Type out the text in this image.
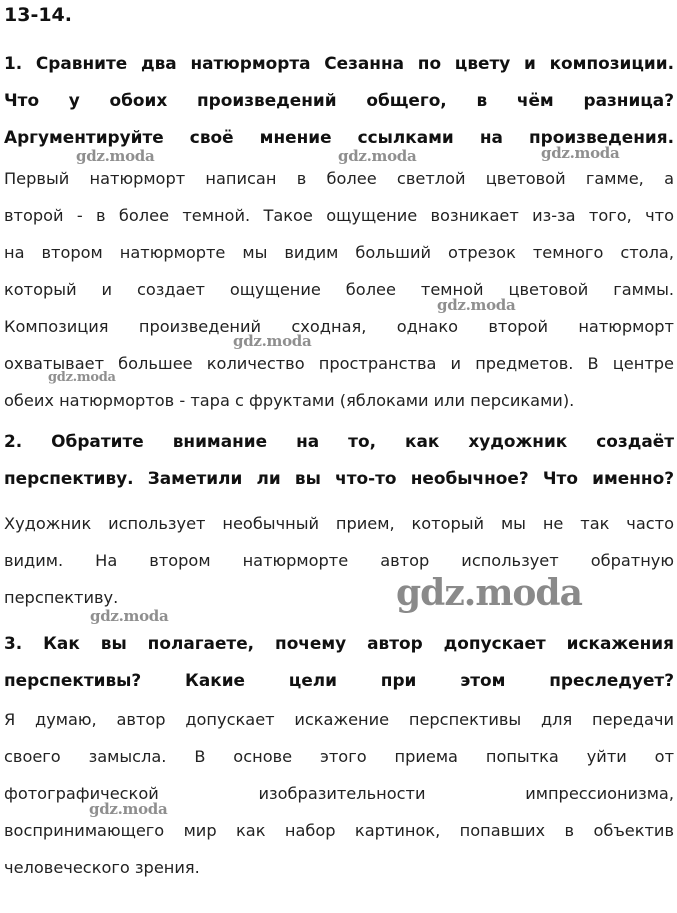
13-14.
1. Сравните два натюрморта Сезанна по цвету и композиции.
Что у обоих произведений общего, в чём разница?
Аргументируйте своё мнение ссылками на произведения.
Первый натюрморт написан в более светлой цветовой гамме, а
второй - в более темной. Такое ощущение возникает из-за того, что
на втором натюрморте мы видим больший отрезок темного стола,
который и создает ощущение более темной цветовой гаммы.
Композиция произведений сходная, однако второй натюрморт
охватывает большее количество пространства и предметов. В центре
обеих натюрмортов - тара с фруктами (яблоками или персиками).
2. Обратите внимание на то, как художник создаёт
перспективу. Заметили ли вы что-то необычное? Что именно?
Художник использует необычный прием, который мы не так часто
видим. На втором натюрморте автор использует обратную
перспективу.
3. Как вы полагаете, почему автор допускает искажения
перспективы? Какие цели при этом преследует?
Я думаю, автор допускает искажение перспективы для передачи
своего замысла. В основе этого приема попытка уйти от
фотографической изобразительности импрессионизма,
воспринимающего мир как набор картинок, попавших в объектив
человеческого зрения.
gdz.moda	gdz.moda	gdz.moda
gdz.moda
gdz.moda
gdz.moda
gdz.moda
gdz.moda
gdz.moda
